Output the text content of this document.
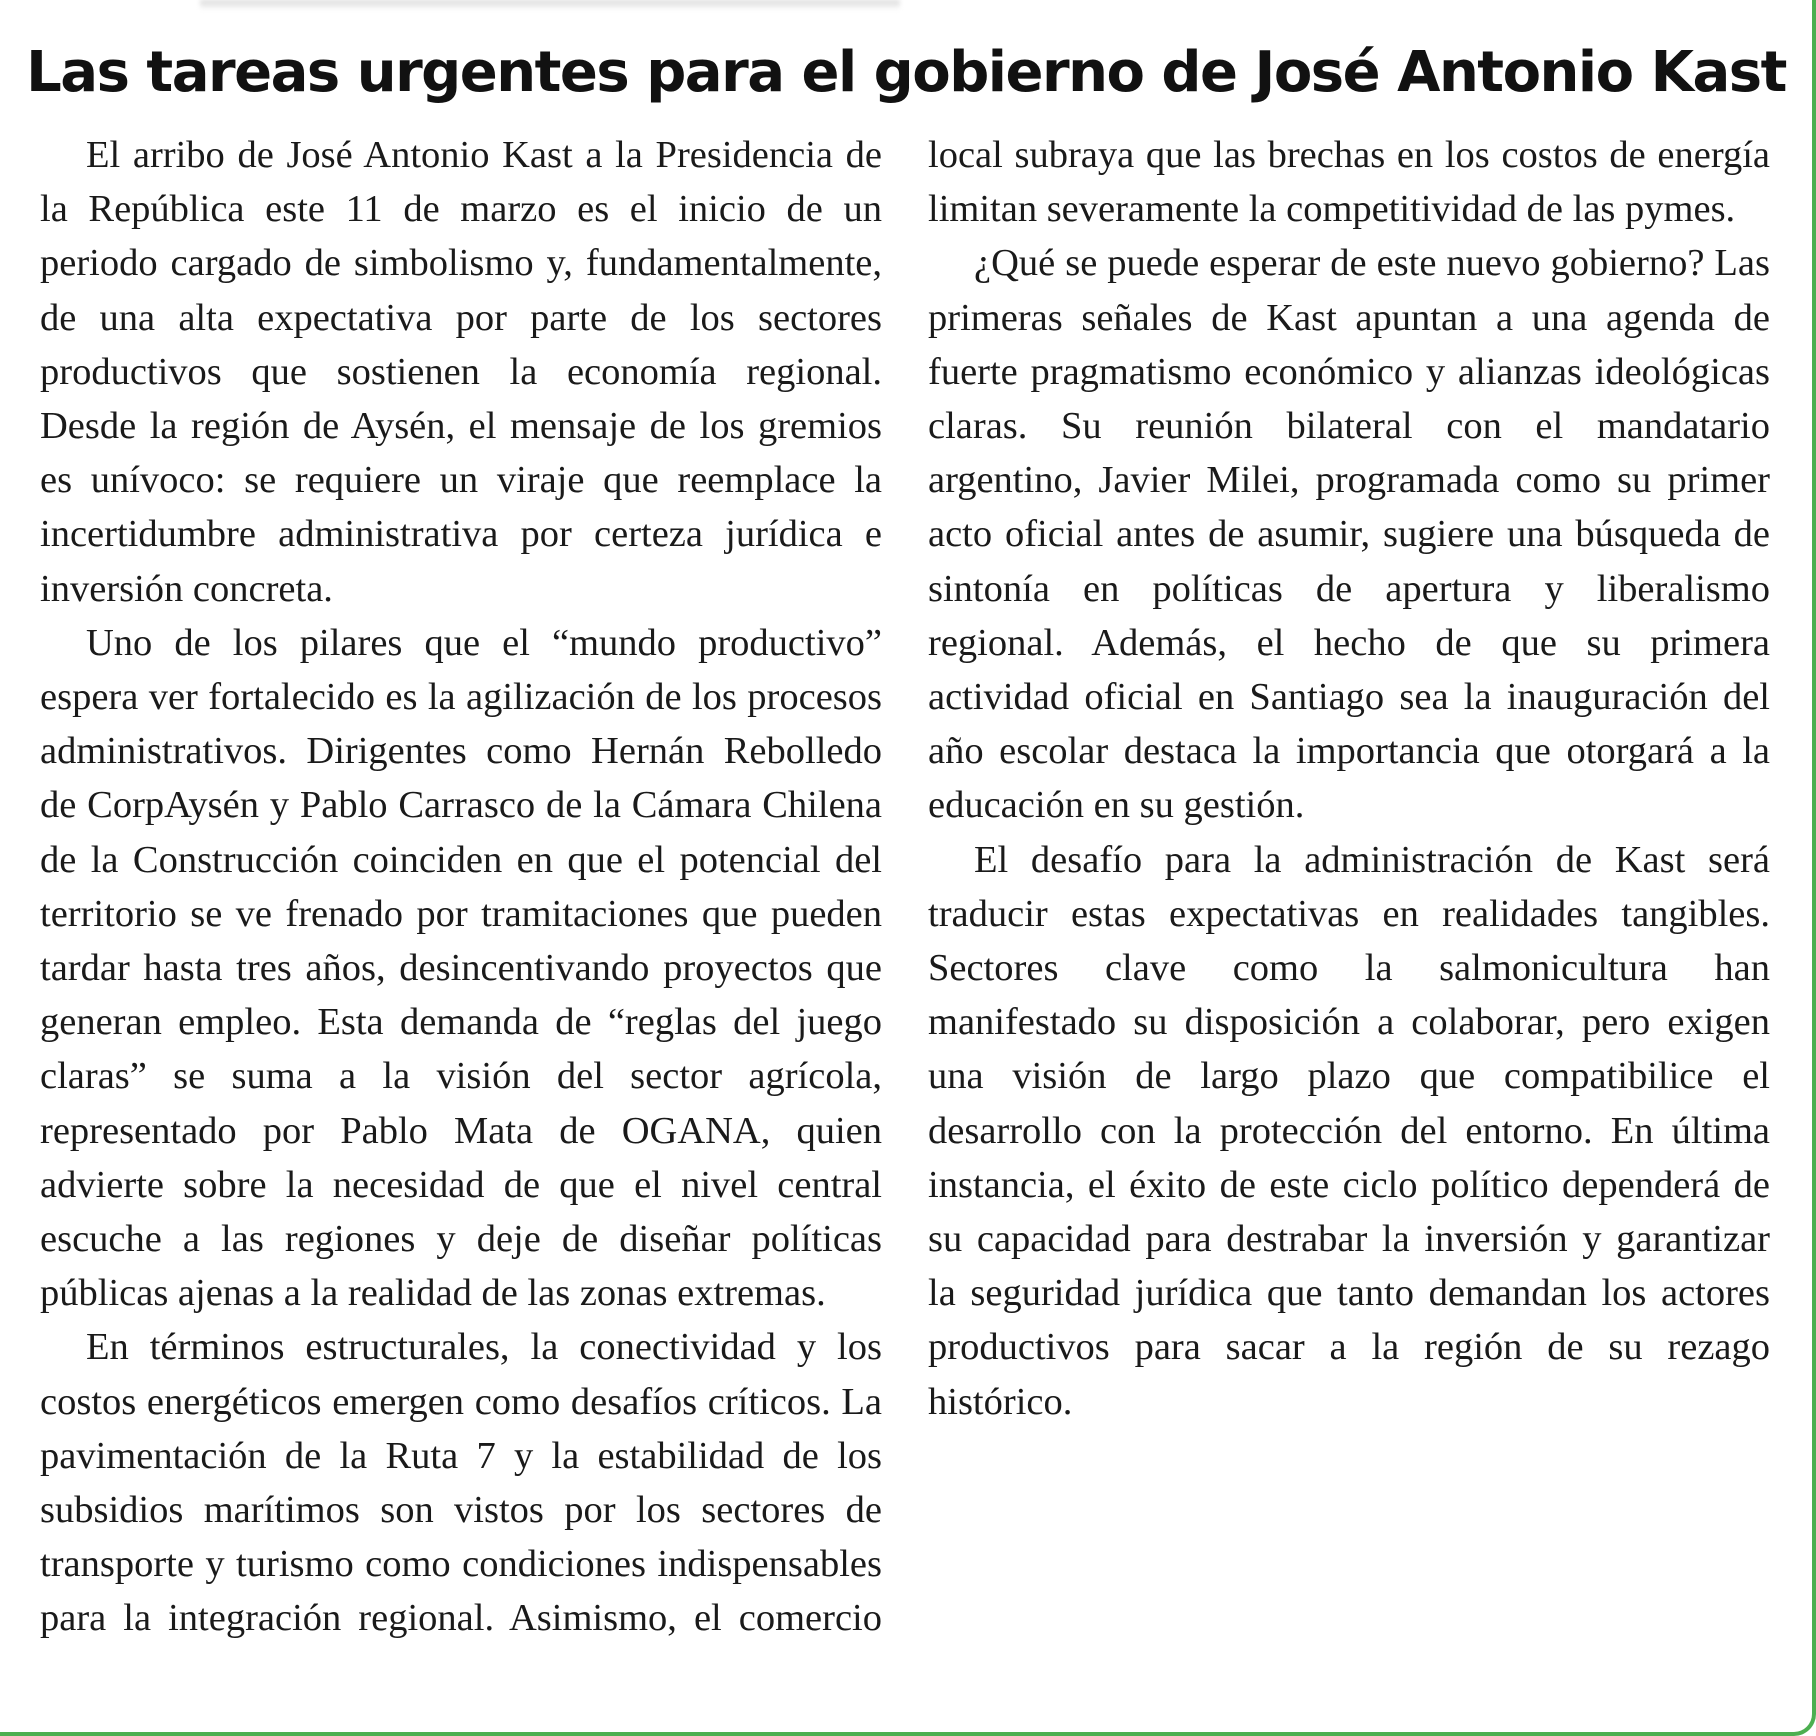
Las tareas urgentes para el gobierno de José Antonio Kast

El arribo de José Antonio Kast a la Presidencia de la República este 11 de marzo es el inicio de un periodo cargado de simbolismo y, fundamentalmente, de una alta expectativa por parte de los sectores productivos que sostienen la economía regional. Desde la región de Aysén, el mensaje de los gremios es unívoco: se requiere un viraje que reemplace la incertidumbre administrativa por certeza jurídica e inversión concreta.

Uno de los pilares que el “mundo productivo” espera ver fortalecido es la agilización de los procesos administrativos. Dirigentes como Hernán Rebolledo de CorpAysén y Pablo Carrasco de la Cámara Chilena de la Construcción coinciden en que el potencial del territorio se ve frenado por tramitaciones que pueden tardar hasta tres años, desincentivando proyectos que generan empleo. Esta demanda de “reglas del juego claras” se suma a la visión del sector agrícola, representado por Pablo Mata de OGANA, quien advierte sobre la necesidad de que el nivel central escuche a las regiones y deje de diseñar políticas públicas ajenas a la realidad de las zonas extremas.

En términos estructurales, la conectividad y los costos energéticos emergen como desafíos críticos. La pavimentación de la Ruta 7 y la estabilidad de los subsidios marítimos son vistos por los sectores de transporte y turismo como condiciones indispensables para la integración regional. Asimismo, el comercio local subraya que las brechas en los costos de energía limitan severamente la competitividad de las pymes.

¿Qué se puede esperar de este nuevo gobierno? Las primeras señales de Kast apuntan a una agenda de fuerte pragmatismo económico y alianzas ideológicas claras. Su reunión bilateral con el mandatario argentino, Javier Milei, programada como su primer acto oficial antes de asumir, sugiere una búsqueda de sintonía en políticas de apertura y liberalismo regional. Además, el hecho de que su primera actividad oficial en Santiago sea la inauguración del año escolar destaca la importancia que otorgará a la educación en su gestión.

El desafío para la administración de Kast será traducir estas expectativas en realidades tangibles. Sectores clave como la salmonicultura han manifestado su disposición a colaborar, pero exigen una visión de largo plazo que compatibilice el desarrollo con la protección del entorno. En última instancia, el éxito de este ciclo político dependerá de su capacidad para destrabar la inversión y garantizar la seguridad jurídica que tanto demandan los actores productivos para sacar a la región de su rezago histórico.
